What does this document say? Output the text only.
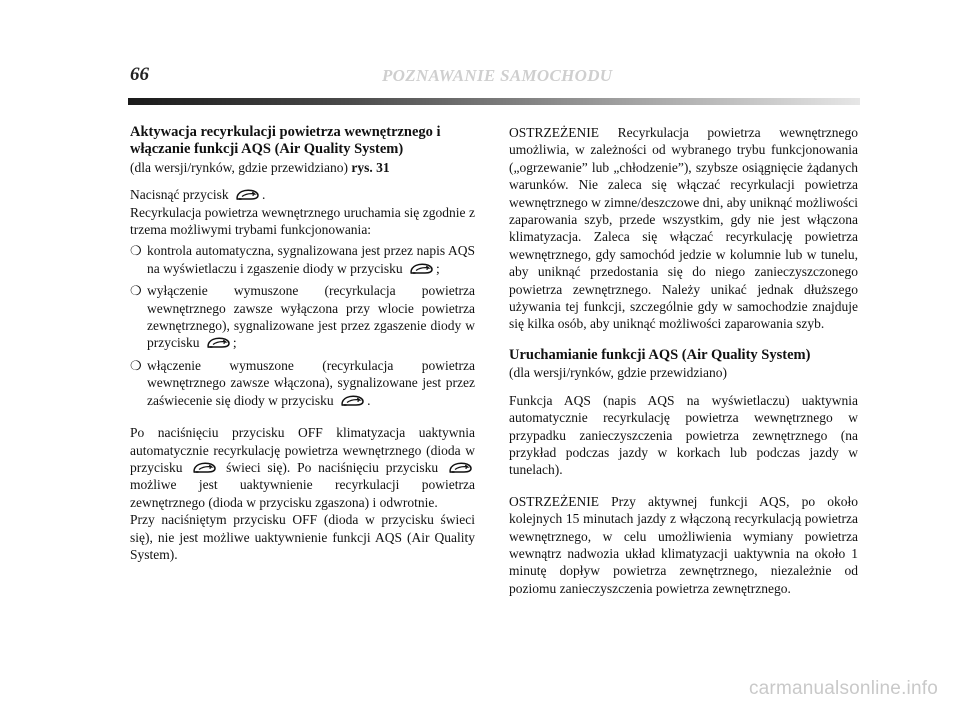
66	POZNAWANIE SAMOCHODU

Aktywacja recyrkulacji powietrza wewnętrznego i
włączanie funkcji AQS (Air Quality System)

(dla wersji/rynków, gdzie przewidziano) rys. 31

Nacisnąć przycisk .

Recyrkulacja powietrza wewnętrznego uruchamia się zgodnie z trzema możliwymi trybami funkcjonowania:

❍ kontrola automatyczna, sygnalizowana jest przez napis AQS na wyświetlaczu i zgaszenie diody w przycisku ;
❍ wyłączenie wymuszone (recyrkulacja powietrza wewnętrznego zawsze wyłączona przy wlocie powietrza zewnętrznego), sygnalizowane jest przez zgaszenie diody w przycisku ;
❍ włączenie wymuszone (recyrkulacja powietrza wewnętrznego zawsze włączona), sygnalizowane jest przez zaświecenie się diody w przycisku .

Po naciśnięciu przycisku OFF klimatyzacja uaktywnia automatycznie recyrkulację powietrza wewnętrznego (dioda w przycisku	świeci się). Po naciśnięciu przycisku  możliwe jest uaktywnienie recyrkulacji powietrza zewnętrznego (dioda w przycisku zgaszona) i odwrotnie.

Przy naciśniętym przycisku OFF (dioda w przycisku świeci się), nie jest możliwe uaktywnienie funkcji AQS (Air Quality System).

OSTRZEŻENIE Recyrkulacja powietrza wewnętrznego umożliwia, w zależności od wybranego trybu funkcjonowania („ogrzewanie” lub „chłodzenie”), szybsze osiągnięcie żądanych warunków. Nie zaleca się włączać recyrkulacji powietrza wewnętrznego w zimne/deszczowe dni, aby uniknąć możliwości zaparowania szyb, przede wszystkim, gdy nie jest włączona klimatyzacja. Zaleca się włączać recyrkulację powietrza wewnętrznego, gdy samochód jedzie w kolumnie lub w tunelu, aby uniknąć przedostania się do niego zanieczyszczonego powietrza zewnętrznego. Należy unikać jednak dłuższego używania tej funkcji, szczególnie gdy w samochodzie znajduje się kilka osób, aby uniknąć możliwości zaparowania szyb.

Uruchamianie funkcji AQS (Air Quality System)

(dla wersji/rynków, gdzie przewidziano)

Funkcja AQS (napis AQS na wyświetlaczu) uaktywnia automatycznie recyrkulację powietrza wewnętrznego w przypadku zanieczyszczenia powietrza zewnętrznego (na przykład podczas jazdy w korkach lub podczas jazdy w tunelach).

OSTRZEŻENIE Przy aktywnej funkcji AQS, po około kolejnych 15 minutach jazdy z włączoną recyrkulacją powietrza wewnętrznego, w celu umożliwienia wymiany powietrza wewnątrz nadwozia układ klimatyzacji uaktywnia na około 1 minutę dopływ powietrza zewnętrznego, niezależnie od poziomu zanieczyszczenia powietrza zewnętrznego.

carmanualsonline.info
